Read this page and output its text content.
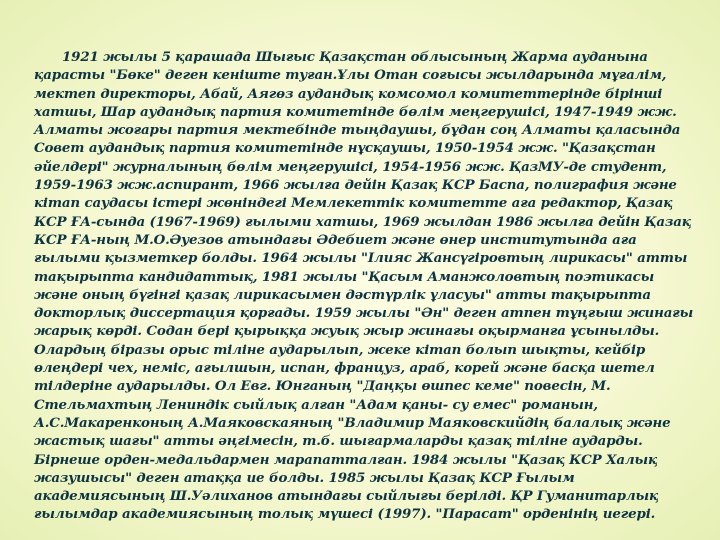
1921 жылы 5 қарашада Шығыс Қазақстан облысының Жарма ауданына қарасты "Бөке" деген кеніште туған.Ұлы Отан соғысы жылдарында мұғалім, мектеп директоры, Абай, Аягөз аудандық комсомол комитеттерінде бірінші хатшы, Шар аудандық партия комитетінде бөлім меңгерушісі, 1947-1949 жж. Алматы жоғары партия мектебінде тыңдаушы, бұдан соң Алматы қаласында Совет аудандық партия комитетінде нұсқаушы, 1950-1954 жж. "Қазақстан әйелдері" журналының бөлім меңгерушісі, 1954-1956 жж. ҚазМУ-де студент, 1959-1963 жж.аспирант, 1966 жылға дейін Қазақ КСР Баспа, полиграфия және кітап саудасы істері жөніндегі Мемлекеттік комитетте аға редактор, Қазақ КСР ҒА-сында (1967-1969) ғылыми хатшы, 1969 жылдан 1986 жылға дейін Қазақ КСР ҒА-ның М.О.Әуезов атындағы Әдебиет және өнер институтында аға ғылыми қызметкер болды. 1964 жылы "Ілияс Жансүгіровтың лирикасы" атты тақырыпта кандидаттық, 1981 жылы "Қасым Аманжоловтың поэтикасы және оның бүгінгі қазақ лирикасымен дәстүрлік ұласуы" атты тақырыпта докторлық диссертация қорғады. 1959 жылы "Ән" деген атпен тұңғыш жинағы жарық көрді. Содан бері қырыққа жуық жыр жинағы оқырманға ұсынылды. Олардың біразы орыс тіліне аударылып, жеке кітап болып шықты, кейбір өлеңдері чех, неміс, ағылшын, испан, француз, араб, корей және басқа шетел тілдеріне аударылды. Ол Евг. Юнганың "Даңқы өшпес кеме" повесін, М. Стельмахтың Лениндік сыйлық алған "Адам қаны- су емес" романын, А.С.Макаренконың А.Маяковскаяның "Владимир Маяковскийдің балалық және жастық шағы" атты әңгімесін, т.б. шығармаларды қазақ тіліне аударды. Бірнеше орден-медальдармен марапатталған. 1984 жылы "Қазақ КСР Халық жазушысы" деген атаққа ие болды. 1985 жылы Қазақ КСР Ғылым академиясының Ш.Уәлиханов атындағы сыйлығы берілді. ҚР Гуманитарлық ғылымдар академиясының толық мүшесі (1997). "Парасат" орденінің иегері.
